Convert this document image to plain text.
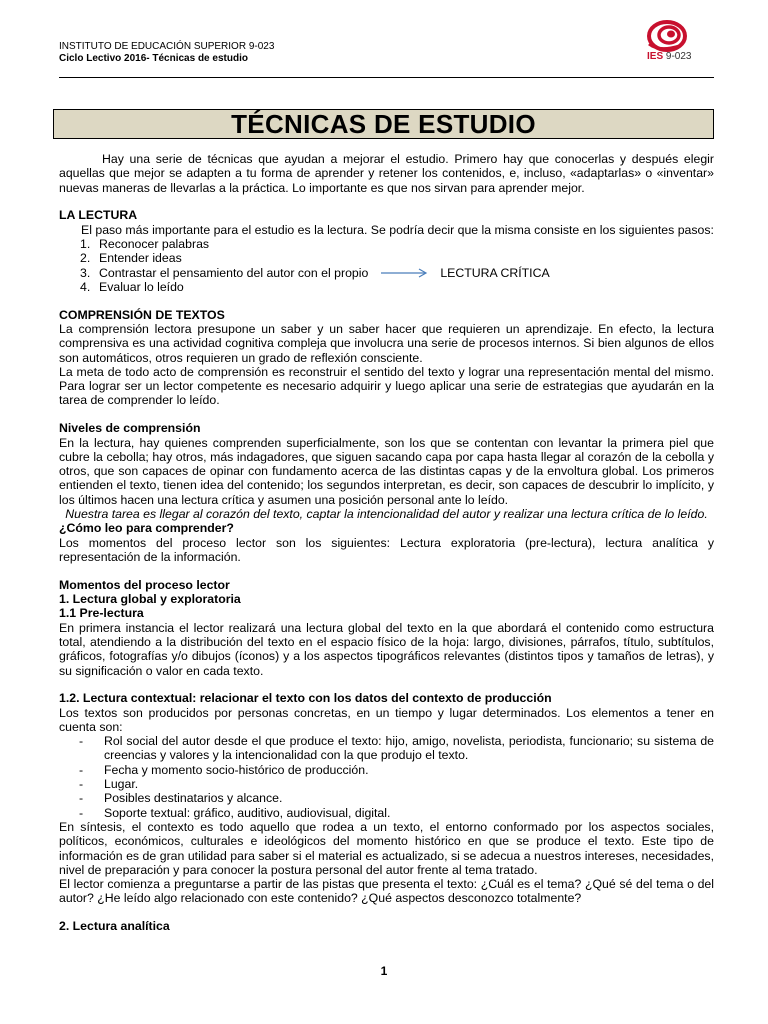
INSTITUTO DE EDUCACIÓN SUPERIOR 9-023
Ciclo Lectivo 2016- Técnicas de estudio	IES 9-023
TÉCNICAS DE ESTUDIO

Hay una serie de técnicas que ayudan a mejorar el estudio. Primero hay que conocerlas y después elegir aquellas que mejor se adapten a tu forma de aprender y retener los contenidos, e, incluso, «adaptarlas» o «inventar» nuevas maneras de llevarlas a la práctica. Lo importante es que nos sirvan para aprender mejor.

LA LECTURA

El paso más importante para el estudio es la lectura. Se podría decir que la misma consiste en los siguientes pasos:

1. Reconocer palabras
2. Entender ideas
3. Contrastar el pensamiento del autor con el propio	LECTURA CRÍTICA
4. Evaluar lo leído

COMPRENSIÓN DE TEXTOS

La comprensión lectora presupone un saber y un saber hacer que requieren un aprendizaje. En efecto, la lectura comprensiva es una actividad cognitiva compleja que involucra una serie de procesos internos. Si bien algunos de ellos son automáticos, otros requieren un grado de reflexión consciente.

La meta de todo acto de comprensión es reconstruir el sentido del texto y lograr una representación mental del mismo. Para lograr ser un lector competente es necesario adquirir y luego aplicar una serie de estrategias que ayudarán en la tarea de comprender lo leído.

Niveles de comprensión

En la lectura, hay quienes comprenden superficialmente, son los que se contentan con levantar la primera piel que cubre la cebolla; hay otros, más indagadores, que siguen sacando capa por capa hasta llegar al corazón de la cebolla y otros, que son capaces de opinar con fundamento acerca de las distintas capas y de la envoltura global. Los primeros entienden el texto, tienen idea del contenido; los segundos interpretan, es decir, son capaces de descubrir lo implícito, y los últimos hacen una lectura crítica y asumen una posición personal ante lo leído.

Nuestra tarea es llegar al corazón del texto, captar la intencionalidad del autor y realizar una lectura crítica de lo leído.

¿Cómo leo para comprender?

Los momentos del proceso lector son los siguientes: Lectura exploratoria (pre-lectura), lectura analítica y representación de la información.

Momentos del proceso lector

1. Lectura global y exploratoria

1.1 Pre-lectura

En primera instancia el lector realizará una lectura global del texto en la que abordará el contenido como estructura total, atendiendo a la distribución del texto en el espacio físico de la hoja: largo, divisiones, párrafos, título, subtítulos, gráficos, fotografías y/o dibujos (íconos) y a los aspectos tipográficos relevantes (distintos tipos y tamaños de letras), y su significación o valor en cada texto.

1.2. Lectura contextual: relacionar el texto con los datos del contexto de producción

Los textos son producidos por personas concretas, en un tiempo y lugar determinados. Los elementos a tener en cuenta son:

- Rol social del autor desde el que produce el texto: hijo, amigo, novelista, periodista, funcionario; su sistema de creencias y valores y la intencionalidad con la que produjo el texto.
- Fecha y momento socio-histórico de producción.
- Lugar.
- Posibles destinatarios y alcance.
- Soporte textual: gráfico, auditivo, audiovisual, digital.

En síntesis, el contexto es todo aquello que rodea a un texto, el entorno conformado por los aspectos sociales, políticos, económicos, culturales e ideológicos del momento histórico en que se produce el texto. Este tipo de información es de gran utilidad para saber si el material es actualizado, si se adecua a nuestros intereses, necesidades, nivel de preparación y para conocer la postura personal del autor frente al tema tratado.

El lector comienza a preguntarse a partir de las pistas que presenta el texto: ¿Cuál es el tema? ¿Qué sé del tema o del autor? ¿He leído algo relacionado con este contenido? ¿Qué aspectos desconozco totalmente?

2. Lectura analítica

1
